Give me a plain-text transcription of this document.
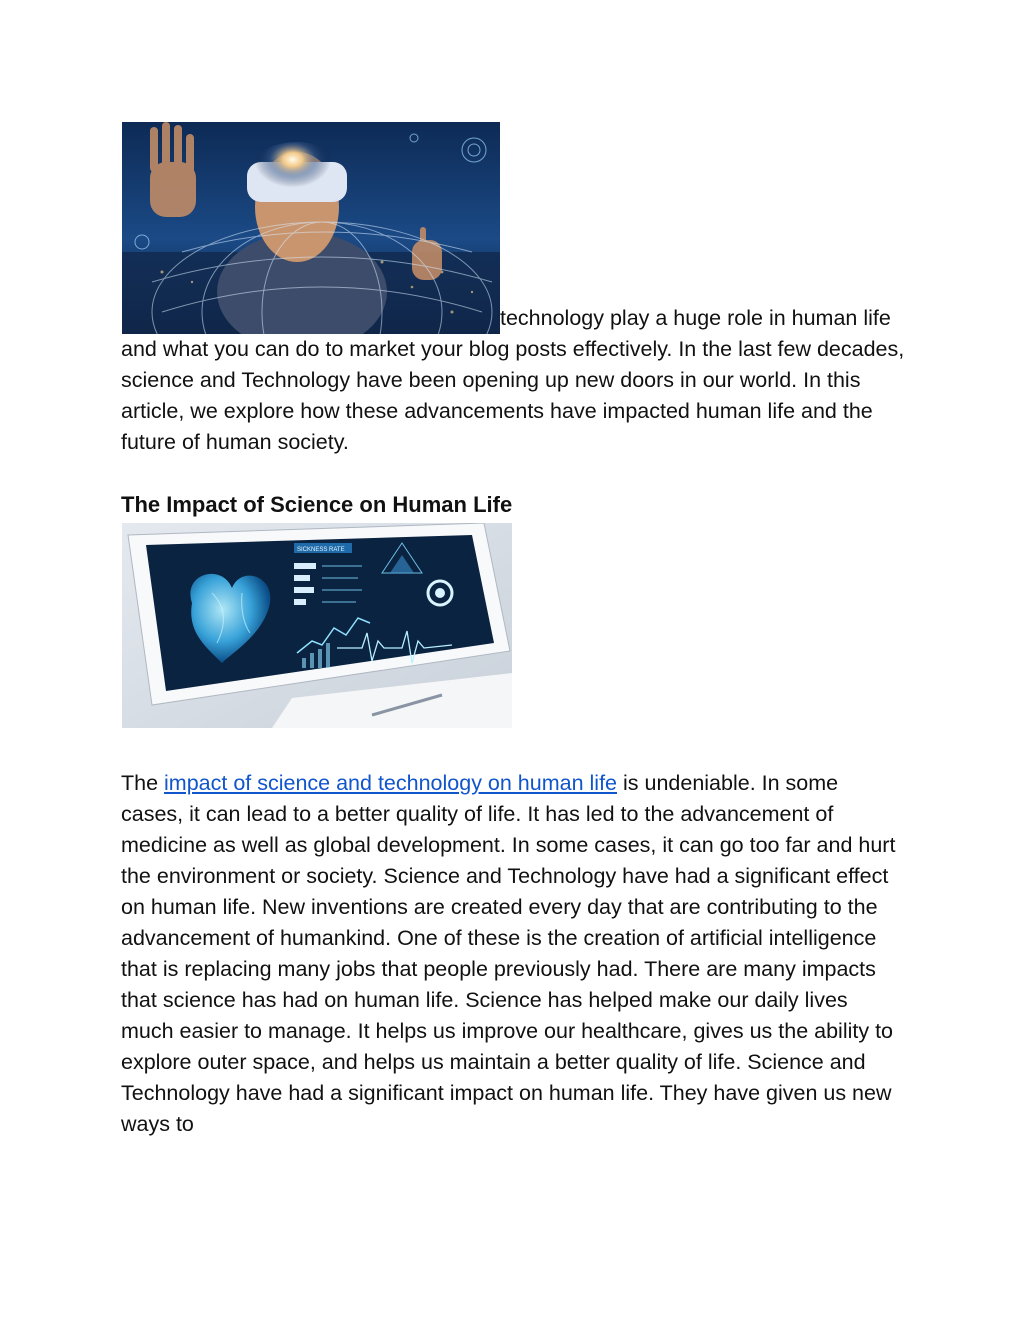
technology play a huge role in human life and what you can do to market your blog posts effectively. In the last few decades, science and Technology have been opening up new doors in our world. In this article, we explore how these advancements have impacted human life and the future of human society.

The Impact of Science on Human Life
SICKNESS RATE

The impact of science and technology on human life is undeniable. In some cases, it can lead to a better quality of life. It has led to the advancement of medicine as well as global development. In some cases, it can go too far and hurt the environment or society. Science and Technology have had a significant effect on human life. New inventions are created every day that are contributing to the advancement of humankind. One of these is the creation of artificial intelligence that is replacing many jobs that people previously had. There are many impacts that science has had on human life. Science has helped make our daily lives much easier to manage. It helps us improve our healthcare, gives us the ability to explore outer space, and helps us maintain a better quality of life. Science and Technology have had a significant impact on human life. They have given us new ways to
